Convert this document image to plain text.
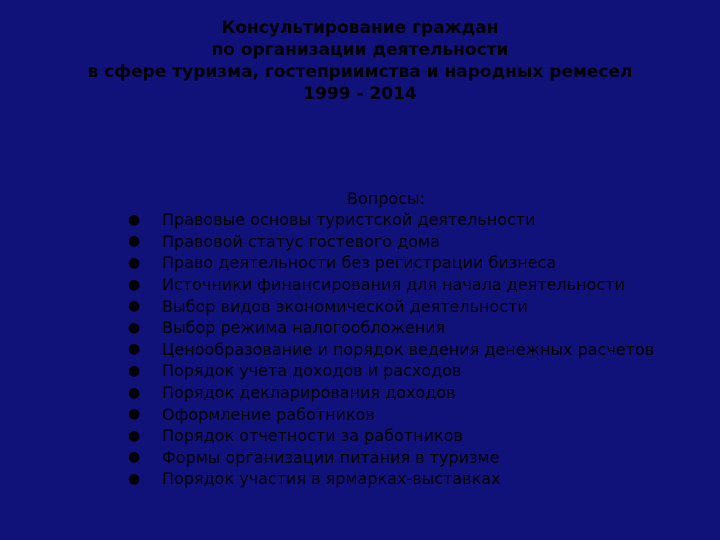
Консультирование граждан
по организации деятельности
в сфере туризма, гостеприимства и народных ремесел
1999 - 2014
Вопросы:
●	Правовые основы туристской деятельности
●	Правовой статус гостевого дома
●	Право деятельности без регистрации бизнеса
●	Источники финансирования для начала деятельности
●	Выбор видов экономической деятельности
●	Выбор режима налогообложения
●	Ценообразование и порядок ведения денежных расчетов
●	Порядок учета доходов и расходов
●	Порядок декларирования доходов
●	Оформление работников
●	Порядок отчетности за работников
●	Формы организации питания в туризме
●	Порядок участия в ярмарках-выставках
